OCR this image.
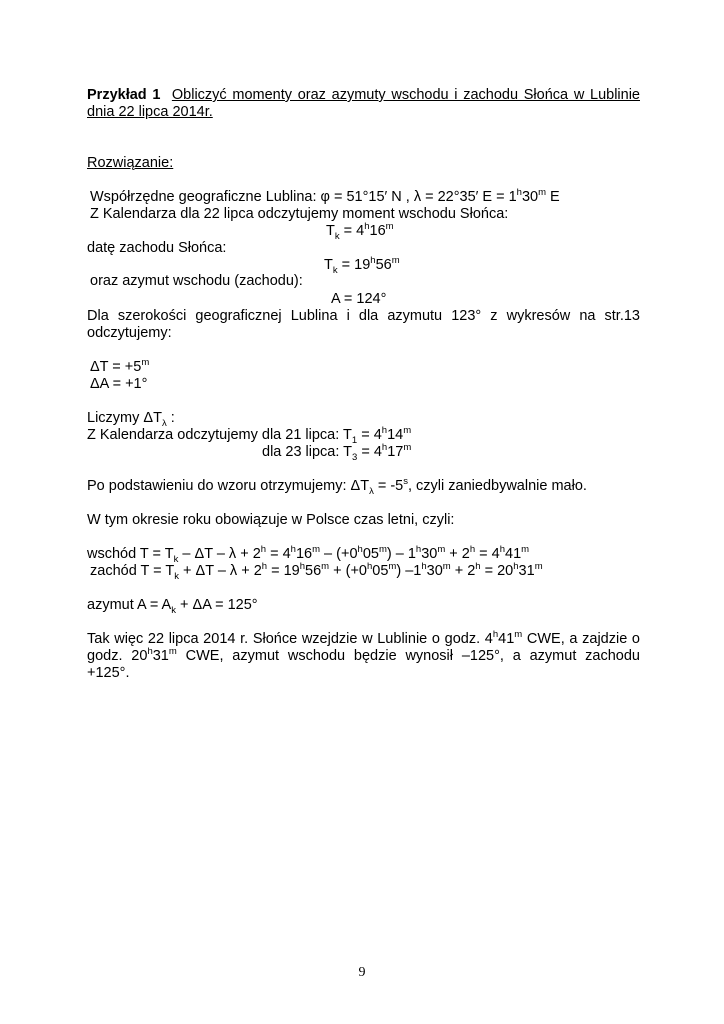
Przykład 1 Obliczyć momenty oraz azymuty wschodu i zachodu Słońca w Lublinie
dnia 22 lipca 2014r.
Rozwiązanie:
Współrzędne geograficzne Lublina: φ = 51°15′ N , λ = 22°35′ $E = 1^h30^m$ E
Z Kalendarza dla 22 lipca odczytujemy moment wschodu Słońca:
$T_k = 4^h16^m$
datę zachodu Słońca:
$T_k = 19^h56^m$
oraz azymut wschodu (zachodu):
A = 124°
Dla szerokości geograficznej Lublina i dla azymutu 123° z wykresów na str.13
odczytujemy:
$\Delta T = +5^m$
ΔA = +1°
Liczymy $\Delta T_\lambda$ :
Z Kalendarza odczytujemy dla 21 lipca: $T_1 = 4^h14^m$
dla 23 lipca: $T_3 = 4^h17^m$
Po podstawieniu do wzoru otrzymujemy: $\Delta T_\lambda = -5^s$, czyli zaniedbywalnie mało.
W tym okresie roku obowiązuje w Polsce czas letni, czyli:
wschód $T = T_k - \Delta T - \lambda + 2^h = 4^h16^m - (+0^h05^m) - 1^h30^m + 2^h = 4^h41^m$
zachód $T = T_k + \Delta T - \lambda + 2^h = 19^h56^m + (+0^h05^m) -1^h30^m + 2^h = 20^h31^m$
azymut $A = A_k + \Delta A = 125^\circ$
Tak więc 22 lipca 2014 r. Słońce wzejdzie w Lublinie o godz. 4$^h$41$^m$ CWE, a zajdzie o
godz. 20$^h$31$^m$ CWE, azymut wschodu będzie wynosił –125°, a azymut zachodu
+125°.
9
